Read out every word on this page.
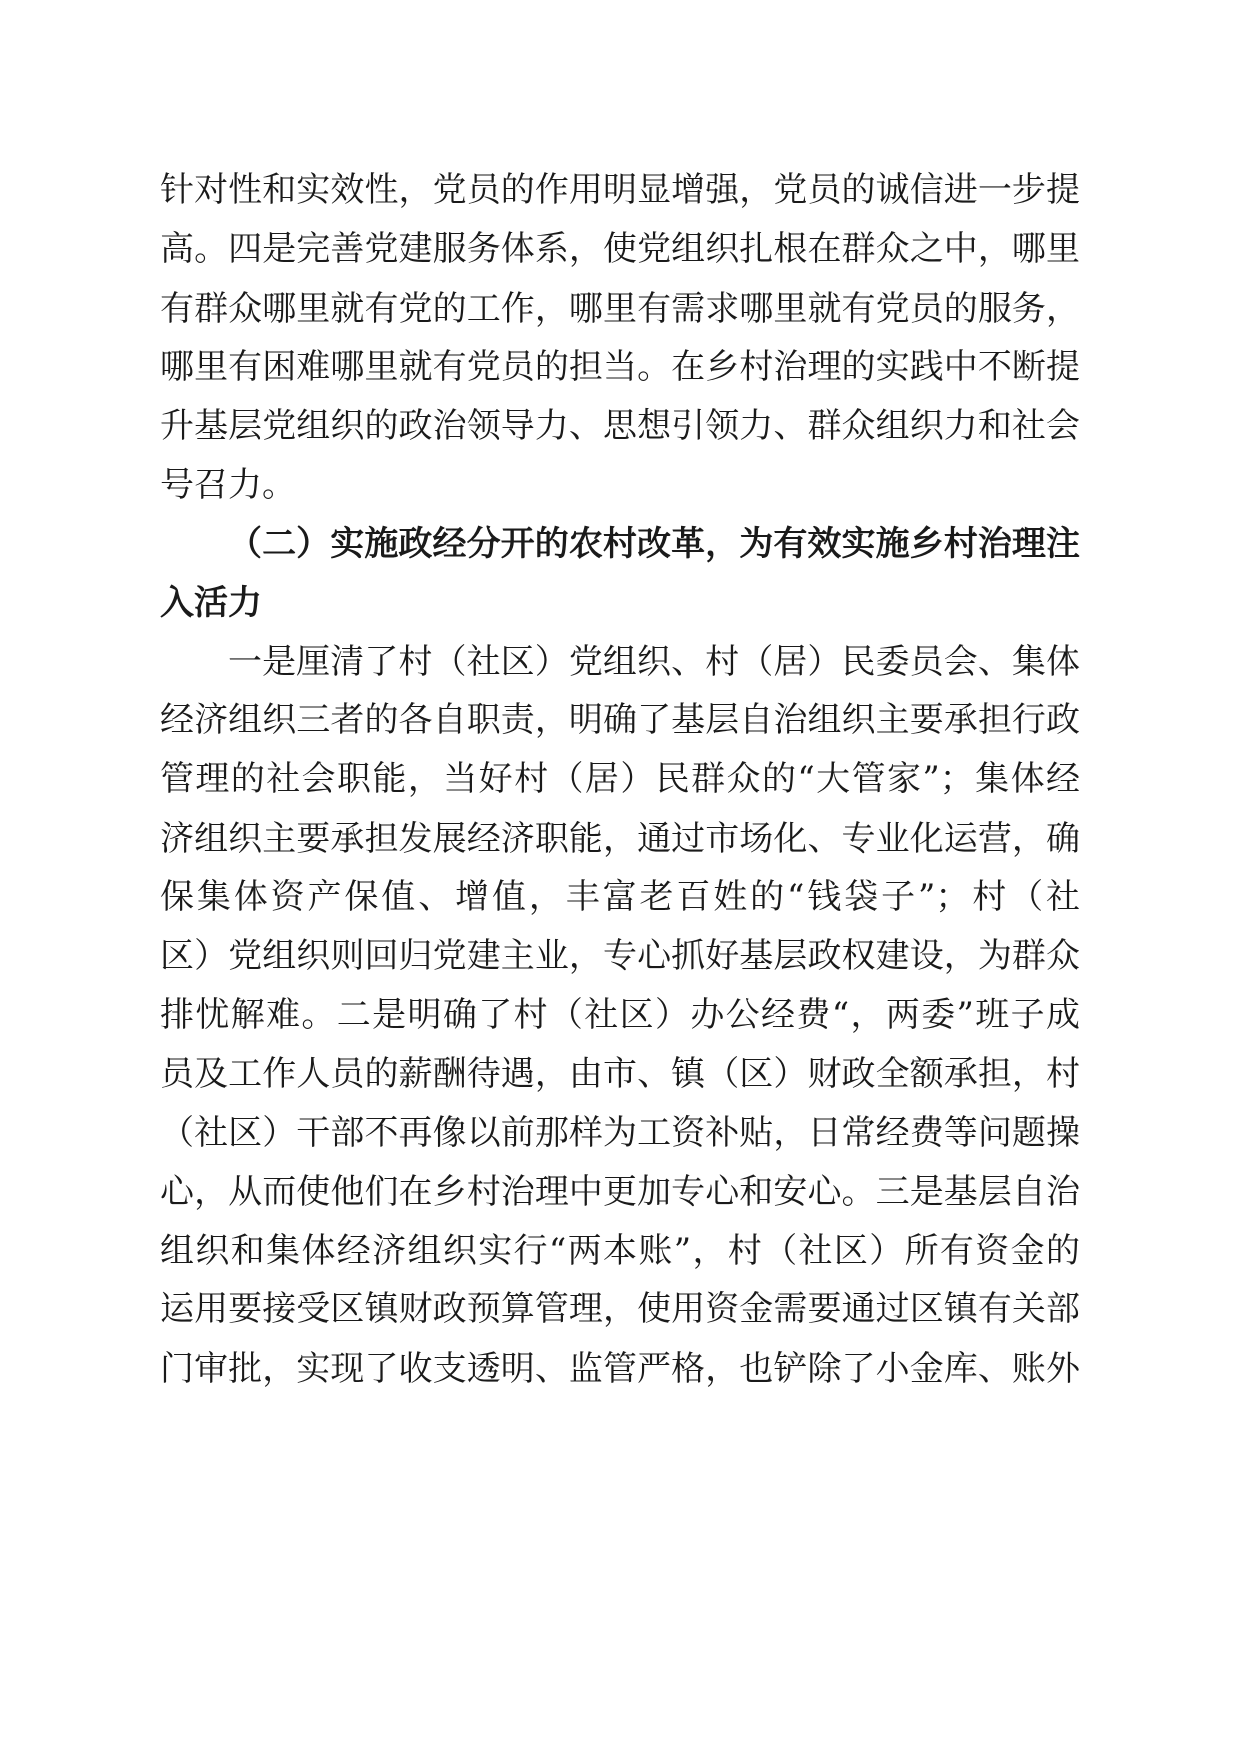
针对性和实效性，党员的作用明显增强，党员的诚信进一步提
高。四是完善党建服务体系，使党组织扎根在群众之中，哪里
有群众哪里就有党的工作，哪里有需求哪里就有党员的服务，
哪里有困难哪里就有党员的担当。在乡村治理的实践中不断提
升基层党组织的政治领导力、思想引领力、群众组织力和社会
号召力。
（二）实施政经分开的农村改革，为有效实施乡村治理注
入活力
一是厘清了村（社区）党组织、村（居）民委员会、集体
经济组织三者的各自职责，明确了基层自治组织主要承担行政
管理的社会职能，当好村（居）民群众的“大管家”；集体经
济组织主要承担发展经济职能，通过市场化、专业化运营，确
保集体资产保值、增值，丰富老百姓的“钱袋子”；村（社
区）党组织则回归党建主业，专心抓好基层政权建设，为群众
排忧解难。二是明确了村（社区）办公经费“，两委”班子成
员及工作人员的薪酬待遇，由市、镇（区）财政全额承担，村
（社区）干部不再像以前那样为工资补贴，日常经费等问题操
心，从而使他们在乡村治理中更加专心和安心。三是基层自治
组织和集体经济组织实行“两本账”，村（社区）所有资金的
运用要接受区镇财政预算管理，使用资金需要通过区镇有关部
门审批，实现了收支透明、监管严格，也铲除了小金库、账外
